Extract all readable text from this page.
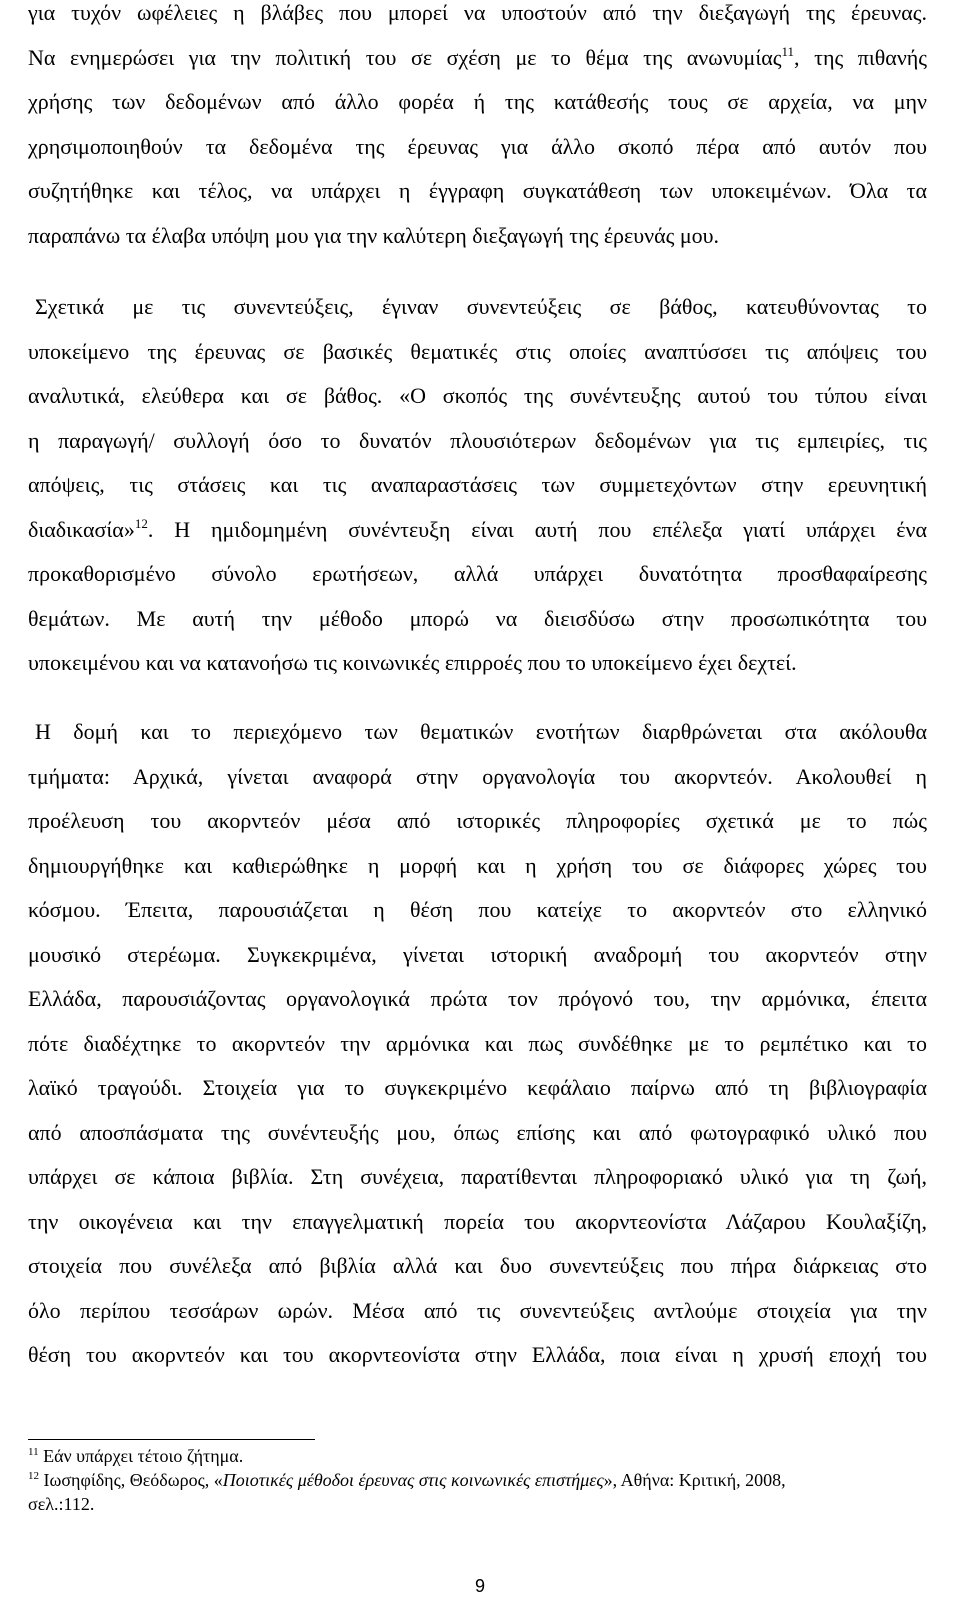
για τυχόν ωφέλειες η βλάβες που μπορεί να υποστούν από την διεξαγωγή της έρευνας.
Να ενημερώσει για την πολιτική του σε σχέση με το θέμα της ανωνυμίας$^{11}$, της πιθανής
χρήσης των δεδομένων από άλλο φορέα ή της κατάθεσής τους σε αρχεία, να μην
χρησιμοποιηθούν τα δεδομένα της έρευνας για άλλο σκοπό πέρα από αυτόν που
συζητήθηκε και τέλος, να υπάρχει η έγγραφη συγκατάθεση των υποκειμένων. Όλα τα
παραπάνω τα έλαβα υπόψη μου για την καλύτερη διεξαγωγή της έρευνάς μου.
Σχετικά με τις συνεντεύξεις, έγιναν συνεντεύξεις σε βάθος, κατευθύνοντας το
υποκείμενο της έρευνας σε βασικές θεματικές στις οποίες αναπτύσσει τις απόψεις του
αναλυτικά, ελεύθερα και σε βάθος. «Ο σκοπός της συνέντευξης αυτού του τύπου είναι
η παραγωγή/ συλλογή όσο το δυνατόν πλουσιότερων δεδομένων για τις εμπειρίες, τις
απόψεις, τις στάσεις και τις αναπαραστάσεις των συμμετεχόντων στην ερευνητική
διαδικασία»$^{12}$. Η ημιδομημένη συνέντευξη είναι αυτή που επέλεξα γιατί υπάρχει ένα
προκαθορισμένο σύνολο ερωτήσεων, αλλά υπάρχει δυνατότητα προσθαφαίρεσης
θεμάτων. Με αυτή την μέθοδο μπορώ να διεισδύσω στην προσωπικότητα του
υποκειμένου και να κατανοήσω τις κοινωνικές επιρροές που το υποκείμενο έχει δεχτεί.
Η δομή και το περιεχόμενο των θεματικών ενοτήτων διαρθρώνεται στα ακόλουθα
τμήματα: Αρχικά, γίνεται αναφορά στην οργανολογία του ακορντεόν. Ακολουθεί η
προέλευση του ακορντεόν μέσα από ιστορικές πληροφορίες σχετικά με το πώς
δημιουργήθηκε και καθιερώθηκε η μορφή και η χρήση του σε διάφορες χώρες του
κόσμου. Έπειτα, παρουσιάζεται η θέση που κατείχε το ακορντεόν στο ελληνικό
μουσικό στερέωμα. Συγκεκριμένα, γίνεται ιστορική αναδρομή του ακορντεόν στην
Ελλάδα, παρουσιάζοντας οργανολογικά πρώτα τον πρόγονό του, την αρμόνικα, έπειτα
πότε διαδέχτηκε το ακορντεόν την αρμόνικα και πως συνδέθηκε με το ρεμπέτικο και το
λαϊκό τραγούδι. Στοιχεία για το συγκεκριμένο κεφάλαιο παίρνω από τη βιβλιογραφία
από αποσπάσματα της συνέντευξής μου, όπως επίσης και από φωτογραφικό υλικό που
υπάρχει σε κάποια βιβλία. Στη συνέχεια, παρατίθενται πληροφοριακό υλικό για τη ζωή,
την οικογένεια και την επαγγελματική πορεία του ακορντεονίστα Λάζαρου Κουλαξίζη,
στοιχεία που συνέλεξα από βιβλία αλλά και δυο συνεντεύξεις που πήρα διάρκειας στο
όλο περίπου τεσσάρων ωρών. Μέσα από τις συνεντεύξεις αντλούμε στοιχεία για την
θέση του ακορντεόν και του ακορντεονίστα στην Ελλάδα, ποια είναι η χρυσή εποχή του
$^{11}$ Εάν υπάρχει τέτοιο ζήτημα.
$^{12}$ Ιωσηφίδης, Θεόδωρος, «Ποιοτικές μέθοδοι έρευνας στις κοινωνικές επιστήμες», Αθήνα: Κριτική, 2008,
σελ.:112.
9
